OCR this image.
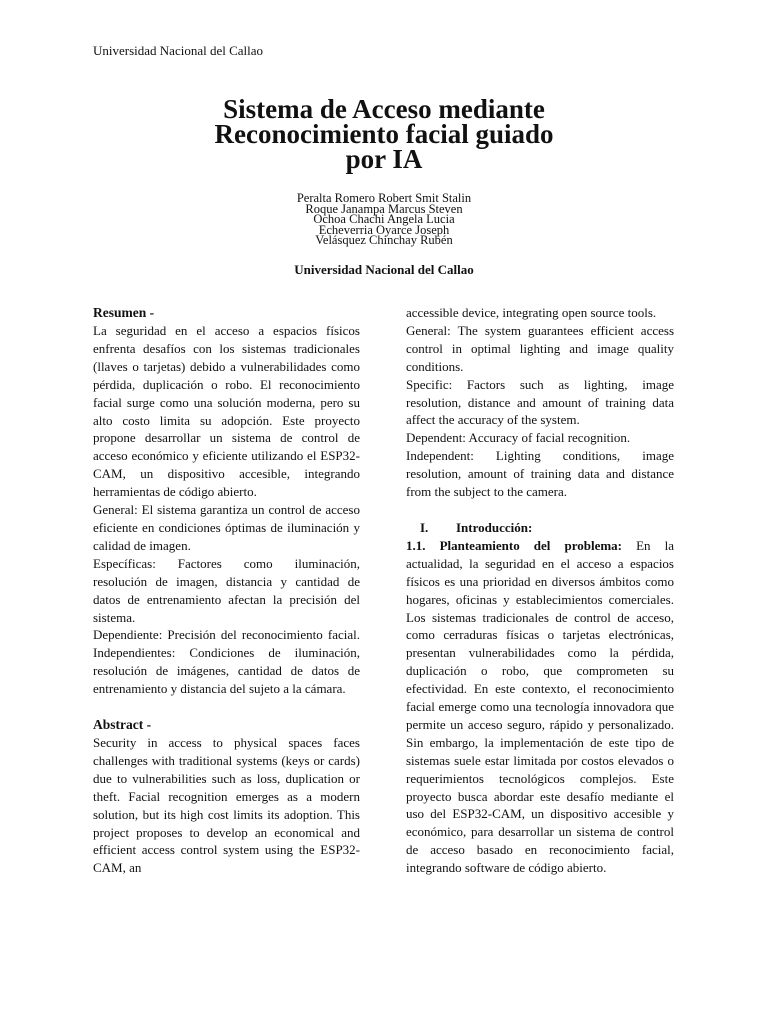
Universidad Nacional del Callao
Sistema de Acceso mediante
Reconocimiento facial guiado
por IA
Peralta Romero Robert Smit Stalin
Roque Janampa Marcus Steven
Ochoa Chachi Angela Lucia
Echeverria Oyarce Joseph
Velásquez Chinchay Rubén
Universidad Nacional del Callao

Resumen -

La seguridad en el acceso a espacios físicos enfrenta desafíos con los sistemas tradicionales (llaves o tarjetas) debido a vulnerabilidades como pérdida, duplicación o robo. El reconocimiento facial surge como una solución moderna, pero su alto costo limita su adopción. Este proyecto propone desarrollar un sistema de control de acceso económico y eficiente utilizando el ESP32-CAM, un dispositivo accesible, integrando herramientas de código abierto.

General: El sistema garantiza un control de acceso eficiente en condiciones óptimas de iluminación y calidad de imagen.

Específicas: Factores como iluminación, resolución de imagen, distancia y cantidad de datos de entrenamiento afectan la precisión del sistema.

Dependiente: Precisión del reconocimiento facial. Independientes: Condiciones de iluminación, resolución de imágenes, cantidad de datos de entrenamiento y distancia del sujeto a la cámara.

Abstract -

Security in access to physical spaces faces challenges with traditional systems (keys or cards) due to vulnerabilities such as loss, duplication or theft. Facial recognition emerges as a modern solution, but its high cost limits its adoption. This project proposes to develop an economical and efficient access control system using the ESP32-CAM, an

accessible device, integrating open source tools.

General: The system guarantees efficient access control in optimal lighting and image quality conditions.

Specific: Factors such as lighting, image resolution, distance and amount of training data affect the accuracy of the system.

Dependent: Accuracy of facial recognition.

Independent: Lighting conditions, image resolution, amount of training data and distance from the subject to the camera.

I. Introducción:

1.1. Planteamiento del problema: En la actualidad, la seguridad en el acceso a espacios físicos es una prioridad en diversos ámbitos como hogares, oficinas y establecimientos comerciales. Los sistemas tradicionales de control de acceso, como cerraduras físicas o tarjetas electrónicas, presentan vulnerabilidades como la pérdida, duplicación o robo, que comprometen su efectividad. En este contexto, el reconocimiento facial emerge como una tecnología innovadora que permite un acceso seguro, rápido y personalizado. Sin embargo, la implementación de este tipo de sistemas suele estar limitada por costos elevados o requerimientos tecnológicos complejos. Este proyecto busca abordar este desafío mediante el uso del ESP32-CAM, un dispositivo accesible y económico, para desarrollar un sistema de control de acceso basado en reconocimiento facial, integrando software de código abierto.
